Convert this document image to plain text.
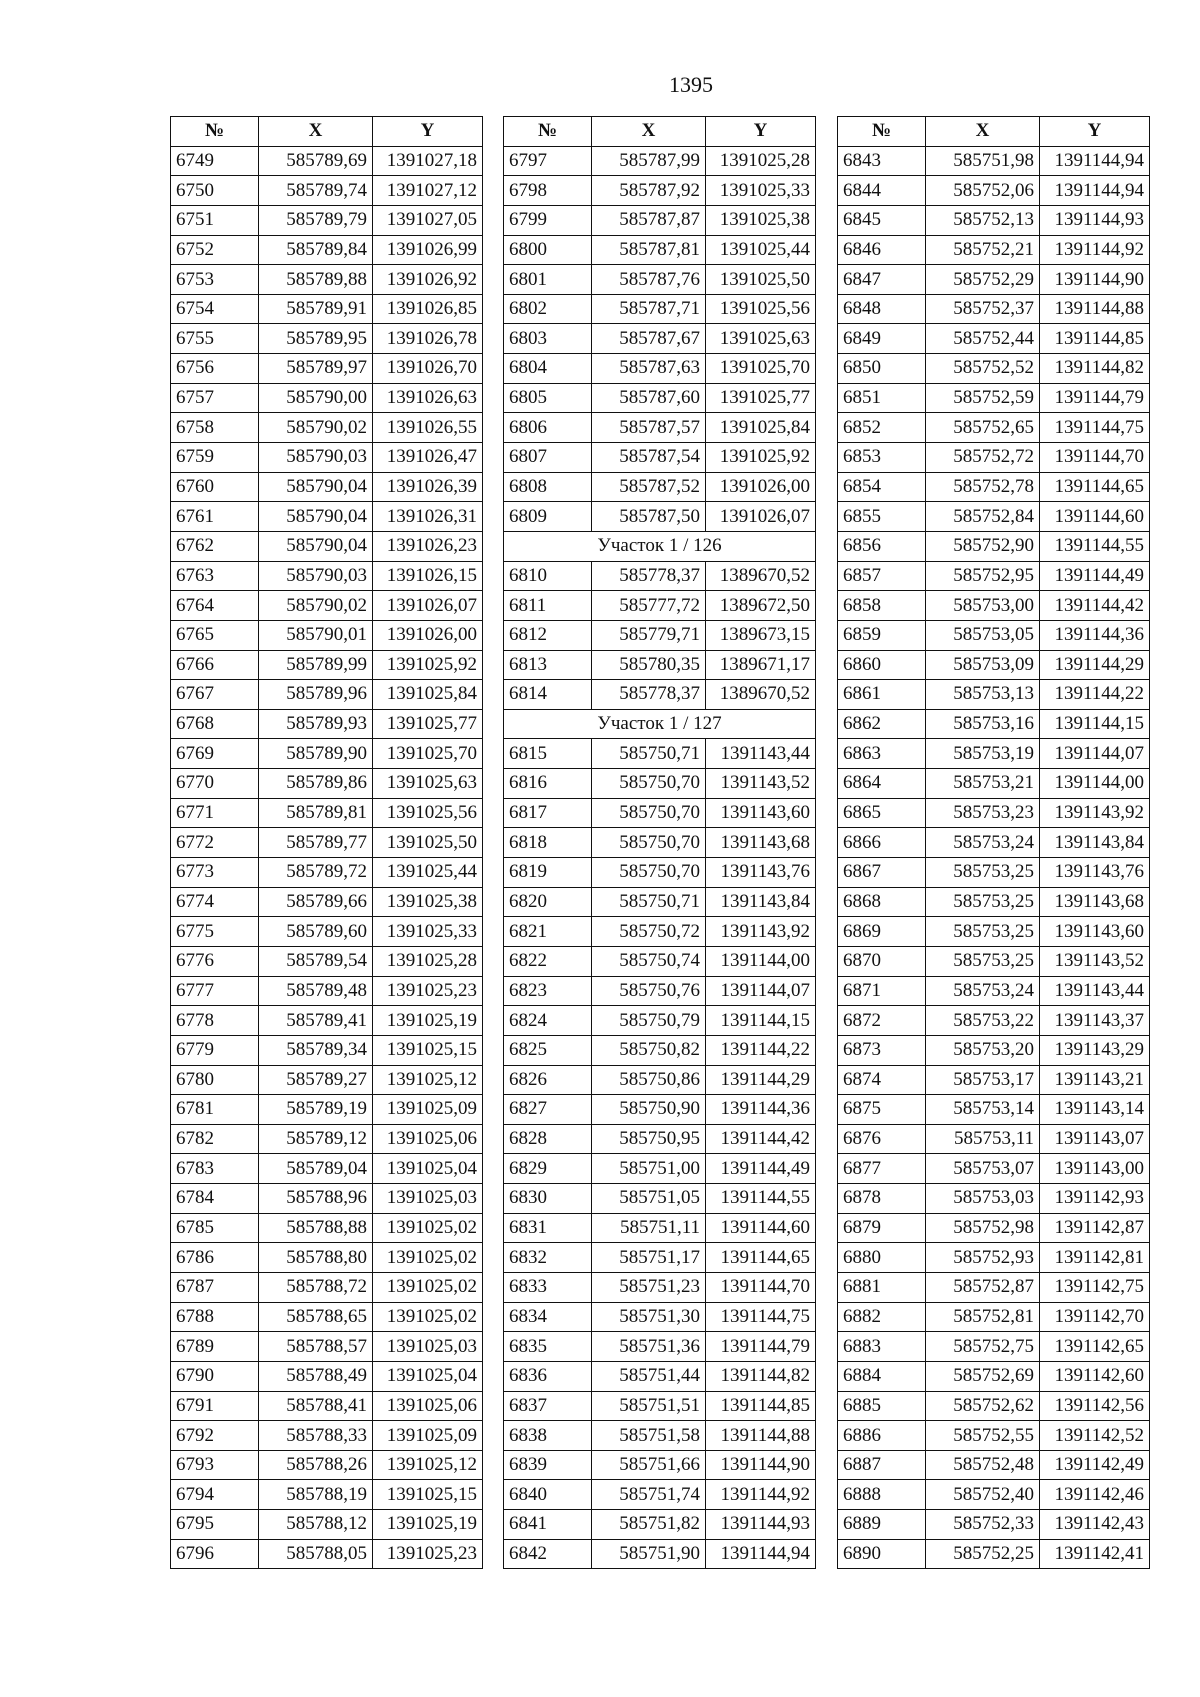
1395
№	X	Y
6749	585789,69	1391027,18
6750	585789,74	1391027,12
6751	585789,79	1391027,05
6752	585789,84	1391026,99
6753	585789,88	1391026,92
6754	585789,91	1391026,85
6755	585789,95	1391026,78
6756	585789,97	1391026,70
6757	585790,00	1391026,63
6758	585790,02	1391026,55
6759	585790,03	1391026,47
6760	585790,04	1391026,39
6761	585790,04	1391026,31
6762	585790,04	1391026,23
6763	585790,03	1391026,15
6764	585790,02	1391026,07
6765	585790,01	1391026,00
6766	585789,99	1391025,92
6767	585789,96	1391025,84
6768	585789,93	1391025,77
6769	585789,90	1391025,70
6770	585789,86	1391025,63
6771	585789,81	1391025,56
6772	585789,77	1391025,50
6773	585789,72	1391025,44
6774	585789,66	1391025,38
6775	585789,60	1391025,33
6776	585789,54	1391025,28
6777	585789,48	1391025,23
6778	585789,41	1391025,19
6779	585789,34	1391025,15
6780	585789,27	1391025,12
6781	585789,19	1391025,09
6782	585789,12	1391025,06
6783	585789,04	1391025,04
6784	585788,96	1391025,03
6785	585788,88	1391025,02
6786	585788,80	1391025,02
6787	585788,72	1391025,02
6788	585788,65	1391025,02
6789	585788,57	1391025,03
6790	585788,49	1391025,04
6791	585788,41	1391025,06
6792	585788,33	1391025,09
6793	585788,26	1391025,12
6794	585788,19	1391025,15
6795	585788,12	1391025,19
6796	585788,05	1391025,23
№	X	Y
6797	585787,99	1391025,28
6798	585787,92	1391025,33
6799	585787,87	1391025,38
6800	585787,81	1391025,44
6801	585787,76	1391025,50
6802	585787,71	1391025,56
6803	585787,67	1391025,63
6804	585787,63	1391025,70
6805	585787,60	1391025,77
6806	585787,57	1391025,84
6807	585787,54	1391025,92
6808	585787,52	1391026,00
6809	585787,50	1391026,07
Участок 1 / 126		
6810	585778,37	1389670,52
6811	585777,72	1389672,50
6812	585779,71	1389673,15
6813	585780,35	1389671,17
6814	585778,37	1389670,52
Участок 1 / 127		
6815	585750,71	1391143,44
6816	585750,70	1391143,52
6817	585750,70	1391143,60
6818	585750,70	1391143,68
6819	585750,70	1391143,76
6820	585750,71	1391143,84
6821	585750,72	1391143,92
6822	585750,74	1391144,00
6823	585750,76	1391144,07
6824	585750,79	1391144,15
6825	585750,82	1391144,22
6826	585750,86	1391144,29
6827	585750,90	1391144,36
6828	585750,95	1391144,42
6829	585751,00	1391144,49
6830	585751,05	1391144,55
6831	585751,11	1391144,60
6832	585751,17	1391144,65
6833	585751,23	1391144,70
6834	585751,30	1391144,75
6835	585751,36	1391144,79
6836	585751,44	1391144,82
6837	585751,51	1391144,85
6838	585751,58	1391144,88
6839	585751,66	1391144,90
6840	585751,74	1391144,92
6841	585751,82	1391144,93
6842	585751,90	1391144,94
№	X	Y
6843	585751,98	1391144,94
6844	585752,06	1391144,94
6845	585752,13	1391144,93
6846	585752,21	1391144,92
6847	585752,29	1391144,90
6848	585752,37	1391144,88
6849	585752,44	1391144,85
6850	585752,52	1391144,82
6851	585752,59	1391144,79
6852	585752,65	1391144,75
6853	585752,72	1391144,70
6854	585752,78	1391144,65
6855	585752,84	1391144,60
6856	585752,90	1391144,55
6857	585752,95	1391144,49
6858	585753,00	1391144,42
6859	585753,05	1391144,36
6860	585753,09	1391144,29
6861	585753,13	1391144,22
6862	585753,16	1391144,15
6863	585753,19	1391144,07
6864	585753,21	1391144,00
6865	585753,23	1391143,92
6866	585753,24	1391143,84
6867	585753,25	1391143,76
6868	585753,25	1391143,68
6869	585753,25	1391143,60
6870	585753,25	1391143,52
6871	585753,24	1391143,44
6872	585753,22	1391143,37
6873	585753,20	1391143,29
6874	585753,17	1391143,21
6875	585753,14	1391143,14
6876	585753,11	1391143,07
6877	585753,07	1391143,00
6878	585753,03	1391142,93
6879	585752,98	1391142,87
6880	585752,93	1391142,81
6881	585752,87	1391142,75
6882	585752,81	1391142,70
6883	585752,75	1391142,65
6884	585752,69	1391142,60
6885	585752,62	1391142,56
6886	585752,55	1391142,52
6887	585752,48	1391142,49
6888	585752,40	1391142,46
6889	585752,33	1391142,43
6890	585752,25	1391142,41
